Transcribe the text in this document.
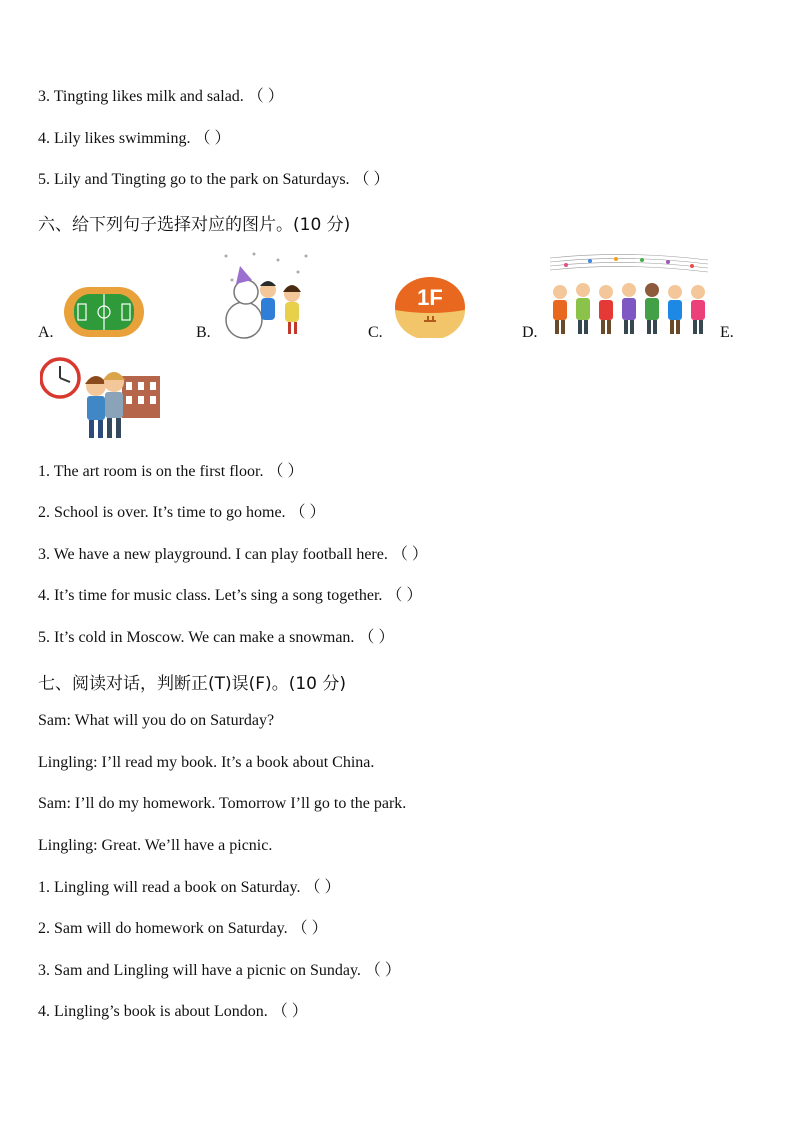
3. Tingting likes milk and salad. （ ）
4. Lily likes swimming. （ ）
5. Lily and Tingting go to the park on Saturdays. （ ）
六、给下列句子选择对应的图片。(10 分)
A.	B.	C.
1F
D.	E.
1. The art room is on the first floor. （ ）
2. School is over. It’s time to go home. （ ）
3. We have a new playground. I can play football here. （ ）
4. It’s time for music class. Let’s sing a song together. （ ）
5. It’s cold in Moscow. We can make a snowman. （ ）
七、阅读对话，判断正(T)误(F)。(10 分)
Sam: What will you do on Saturday?
Lingling: I’ll read my book. It’s a book about China.
Sam: I’ll do my homework. Tomorrow I’ll go to the park.
Lingling: Great. We’ll have a picnic.
1. Lingling will read a book on Saturday. （ ）
2. Sam will do homework on Saturday. （ ）
3. Sam and Lingling will have a picnic on Sunday. （ ）
4. Lingling’s book is about London. （ ）
